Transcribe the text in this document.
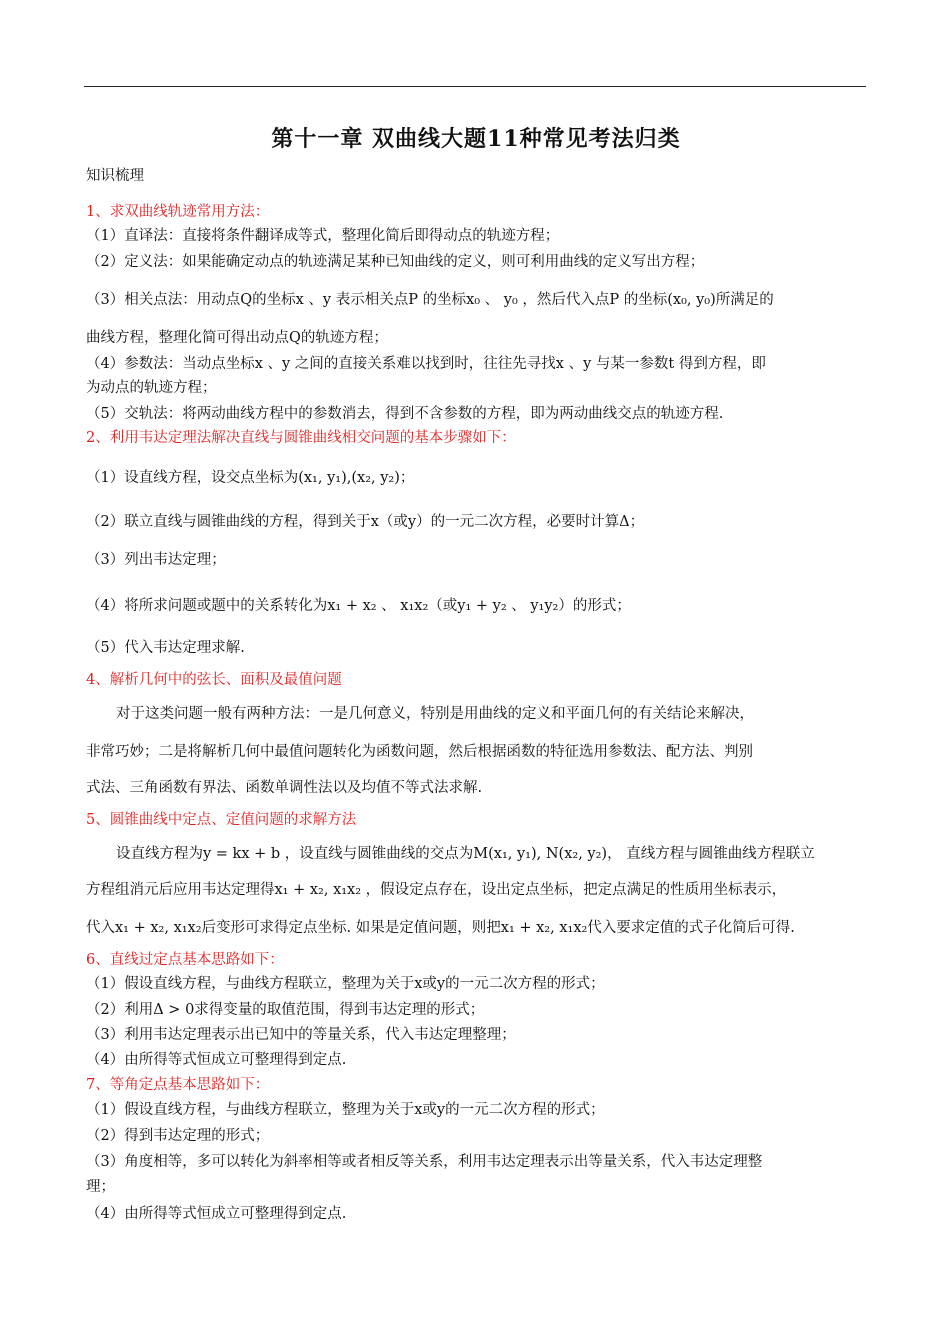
第十一章 双曲线大题11种常见考法归类
知识梳理
1、求双曲线轨迹常用方法：
（1）直译法：直接将条件翻译成等式，整理化简后即得动点的轨迹方程；
（2）定义法：如果能确定动点的轨迹满足某种已知曲线的定义，则可利用曲线的定义写出方程；
（3）相关点法：用动点Q的坐标x 、y 表示相关点P 的坐标x₀ 、 y₀ ，然后代入点P 的坐标(x₀, y₀)所满足的
曲线方程，整理化简可得出动点Q的轨迹方程；
（4）参数法：当动点坐标x 、y 之间的直接关系难以找到时，往往先寻找x 、y 与某一参数t 得到方程，即
为动点的轨迹方程；
（5）交轨法：将两动曲线方程中的参数消去，得到不含参数的方程，即为两动曲线交点的轨迹方程.
2、利用韦达定理法解决直线与圆锥曲线相交问题的基本步骤如下：
（1）设直线方程，设交点坐标为(x₁, y₁),(x₂, y₂)；
（2）联立直线与圆锥曲线的方程，得到关于x（或y）的一元二次方程，必要时计算Δ；
（3）列出韦达定理；
（4）将所求问题或题中的关系转化为x₁ + x₂ 、 x₁x₂（或y₁ + y₂ 、 y₁y₂）的形式；
（5）代入韦达定理求解.
4、解析几何中的弦长、面积及最值问题
对于这类问题一般有两种方法：一是几何意义，特别是用曲线的定义和平面几何的有关结论来解决，
非常巧妙；二是将解析几何中最值问题转化为函数问题，然后根据函数的特征选用参数法、配方法、判别
式法、三角函数有界法、函数单调性法以及均值不等式法求解.
5、圆锥曲线中定点、定值问题的求解方法
设直线方程为y = kx + b ，设直线与圆锥曲线的交点为M(x₁, y₁), N(x₂, y₂)， 直线方程与圆锥曲线方程联立
方程组消元后应用韦达定理得x₁ + x₂, x₁x₂ ，假设定点存在，设出定点坐标，把定点满足的性质用坐标表示，
代入x₁ + x₂, x₁x₂后变形可求得定点坐标. 如果是定值问题，则把x₁ + x₂, x₁x₂代入要求定值的式子化简后可得.
6、直线过定点基本思路如下：
（1）假设直线方程，与曲线方程联立，整理为关于x或y的一元二次方程的形式；
（2）利用Δ > 0求得变量的取值范围，得到韦达定理的形式；
（3）利用韦达定理表示出已知中的等量关系，代入韦达定理整理；
（4）由所得等式恒成立可整理得到定点.
7、等角定点基本思路如下：
（1）假设直线方程，与曲线方程联立，整理为关于x或y的一元二次方程的形式；
（2）得到韦达定理的形式；
（3）角度相等，多可以转化为斜率相等或者相反等关系，利用韦达定理表示出等量关系，代入韦达定理整
理；
（4）由所得等式恒成立可整理得到定点.
